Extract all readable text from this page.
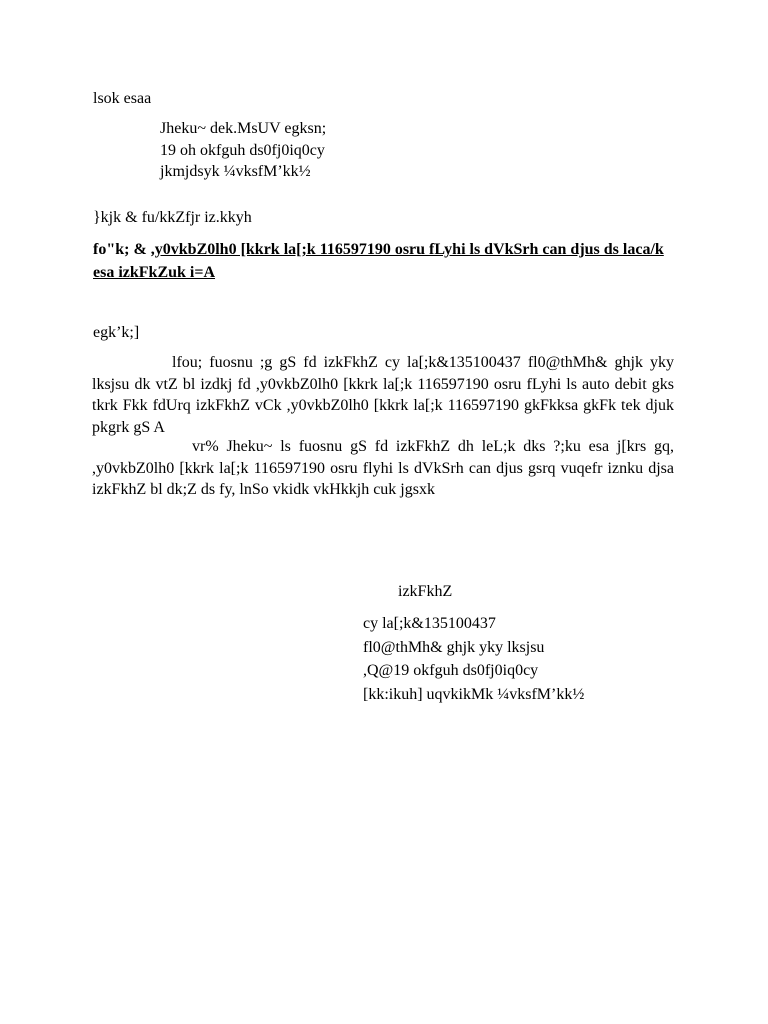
lsok esaa

Jheku~ dek.MsUV egksn;
19 oh okfguh ds0fj0iq0cy
jkmjdsyk ¼vksfM’kk½

}kjk & fu/kkZfjr iz.kkyh

fo"k; & ,y0vkbZ0lh0 [kkrk la[;k 116597190 osru fLyhi ls dVkSrh can djus ds laca/k esa izkFkZuk i=A

egk’k;]

lfou; fuosnu ;g gS fd izkFkhZ cy la[;k&135100437 fl0@thMh& ghjk yky lksjsu dk vtZ bl izdkj fd ,y0vkbZ0lh0 [kkrk la[;k 116597190 osru fLyhi ls auto debit gks tkrk Fkk fdUrq izkFkhZ vCk ,y0vkbZ0lh0 [kkrk la[;k 116597190 gkFkksa gkFk tek djuk pkgrk gS A

vr% Jheku~ ls fuosnu gS fd izkFkhZ dh leL;k dks ?;ku esa j[krs gq, ,y0vkbZ0lh0 [kkrk la[;k 116597190 osru flyhi ls dVkSrh can djus gsrq vuqefr iznku djsa izkFkhZ bl dk;Z ds fy, lnSo vkidk vkHkkjh cuk jgsxk

izkFkhZ

cy la[;k&135100437
fl0@thMh& ghjk yky lksjsu
,Q@19 okfguh ds0fj0iq0cy
[kk:ikuh] uqvkikMk ¼vksfM’kk½
